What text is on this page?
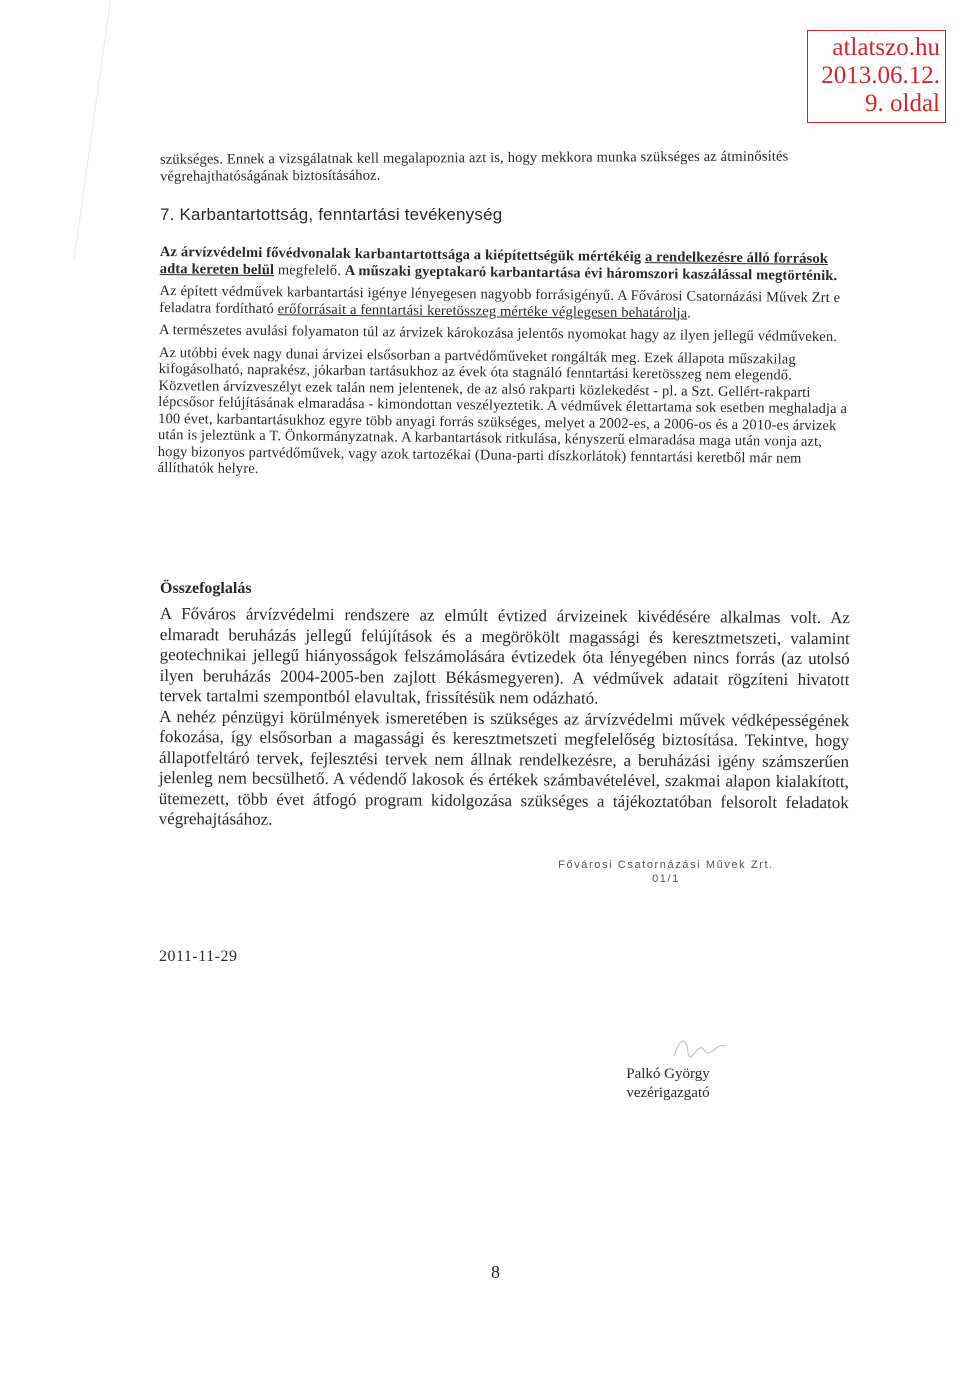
atlatszo.hu
2013.06.12.
9. oldal

szükséges. Ennek a vizsgálatnak kell megalapoznia azt is, hogy mekkora munka szükséges az átminősítés végrehajthatóságának biztosításához.

7. Karbantartottság, fenntartási tevékenység

Az árvízvédelmi fővédvonalak karbantartottsága a kiépítettségük mértékéig a rendelkezésre álló források adta kereten belül megfelelő. A műszaki gyeptakaró karbantartása évi háromszori kaszálással megtörténik.

Az épített védművek karbantartási igénye lényegesen nagyobb forrásigényű. A Fővárosi Csatornázási Művek Zrt e feladatra fordítható erőforrásait a fenntartási keretösszeg mértéke véglegesen behatárolja.

A természetes avulási folyamaton túl az árvizek károkozása jelentős nyomokat hagy az ilyen jellegű védműveken.

Az utóbbi évek nagy dunai árvizei elsősorban a partvédőműveket rongálták meg. Ezek állapota műszakilag kifogásolható, naprakész, jókarban tartásukhoz az évek óta stagnáló fenntartási keretösszeg nem elegendő. Közvetlen árvízveszélyt ezek talán nem jelentenek, de az alsó rakparti közlekedést - pl. a Szt. Gellért-rakparti lépcsősor felújításának elmaradása - kimondottan veszélyeztetik. A védművek élettartama sok esetben meghaladja a 100 évet, karbantartásukhoz egyre több anyagi forrás szükséges, melyet a 2002-es, a 2006-os és a 2010-es árvizek után is jeleztünk a T. Önkormányzatnak. A karbantartások ritkulása, kényszerű elmaradása maga után vonja azt, hogy bizonyos partvédőművek, vagy azok tartozékai (Duna-parti díszkorlátok) fenntartási keretből már nem állíthatók helyre.

Összefoglalás

A Főváros árvízvédelmi rendszere az elmúlt évtized árvizeinek kivédésére alkalmas volt. Az elmaradt beruházás jellegű felújítások és a megörökölt magassági és keresztmetszeti, valamint geotechnikai jellegű hiányosságok felszámolására évtizedek óta lényegében nincs forrás (az utolsó ilyen beruházás 2004-2005-ben zajlott Békásmegyeren). A védművek adatait rögzíteni hivatott tervek tartalmi szempontból elavultak, frissítésük nem odázható.

A nehéz pénzügyi körülmények ismeretében is szükséges az árvízvédelmi művek védképességének fokozása, így elsősorban a magassági és keresztmetszeti megfelelőség biztosítása. Tekintve, hogy állapotfeltáró tervek, fejlesztési tervek nem állnak rendelkezésre, a beruházási igény számszerűen jelenleg nem becsülhető. A védendő lakosok és értékek számbavételével, szakmai alapon kialakított, ütemezett, több évet átfogó program kidolgozása szükséges a tájékoztatóban felsorolt feladatok végrehajtásához.

Fővárosi Csatornázási Művek Zrt.
01/1
2011-11-29
Palkó György
vezérigazgató
8
